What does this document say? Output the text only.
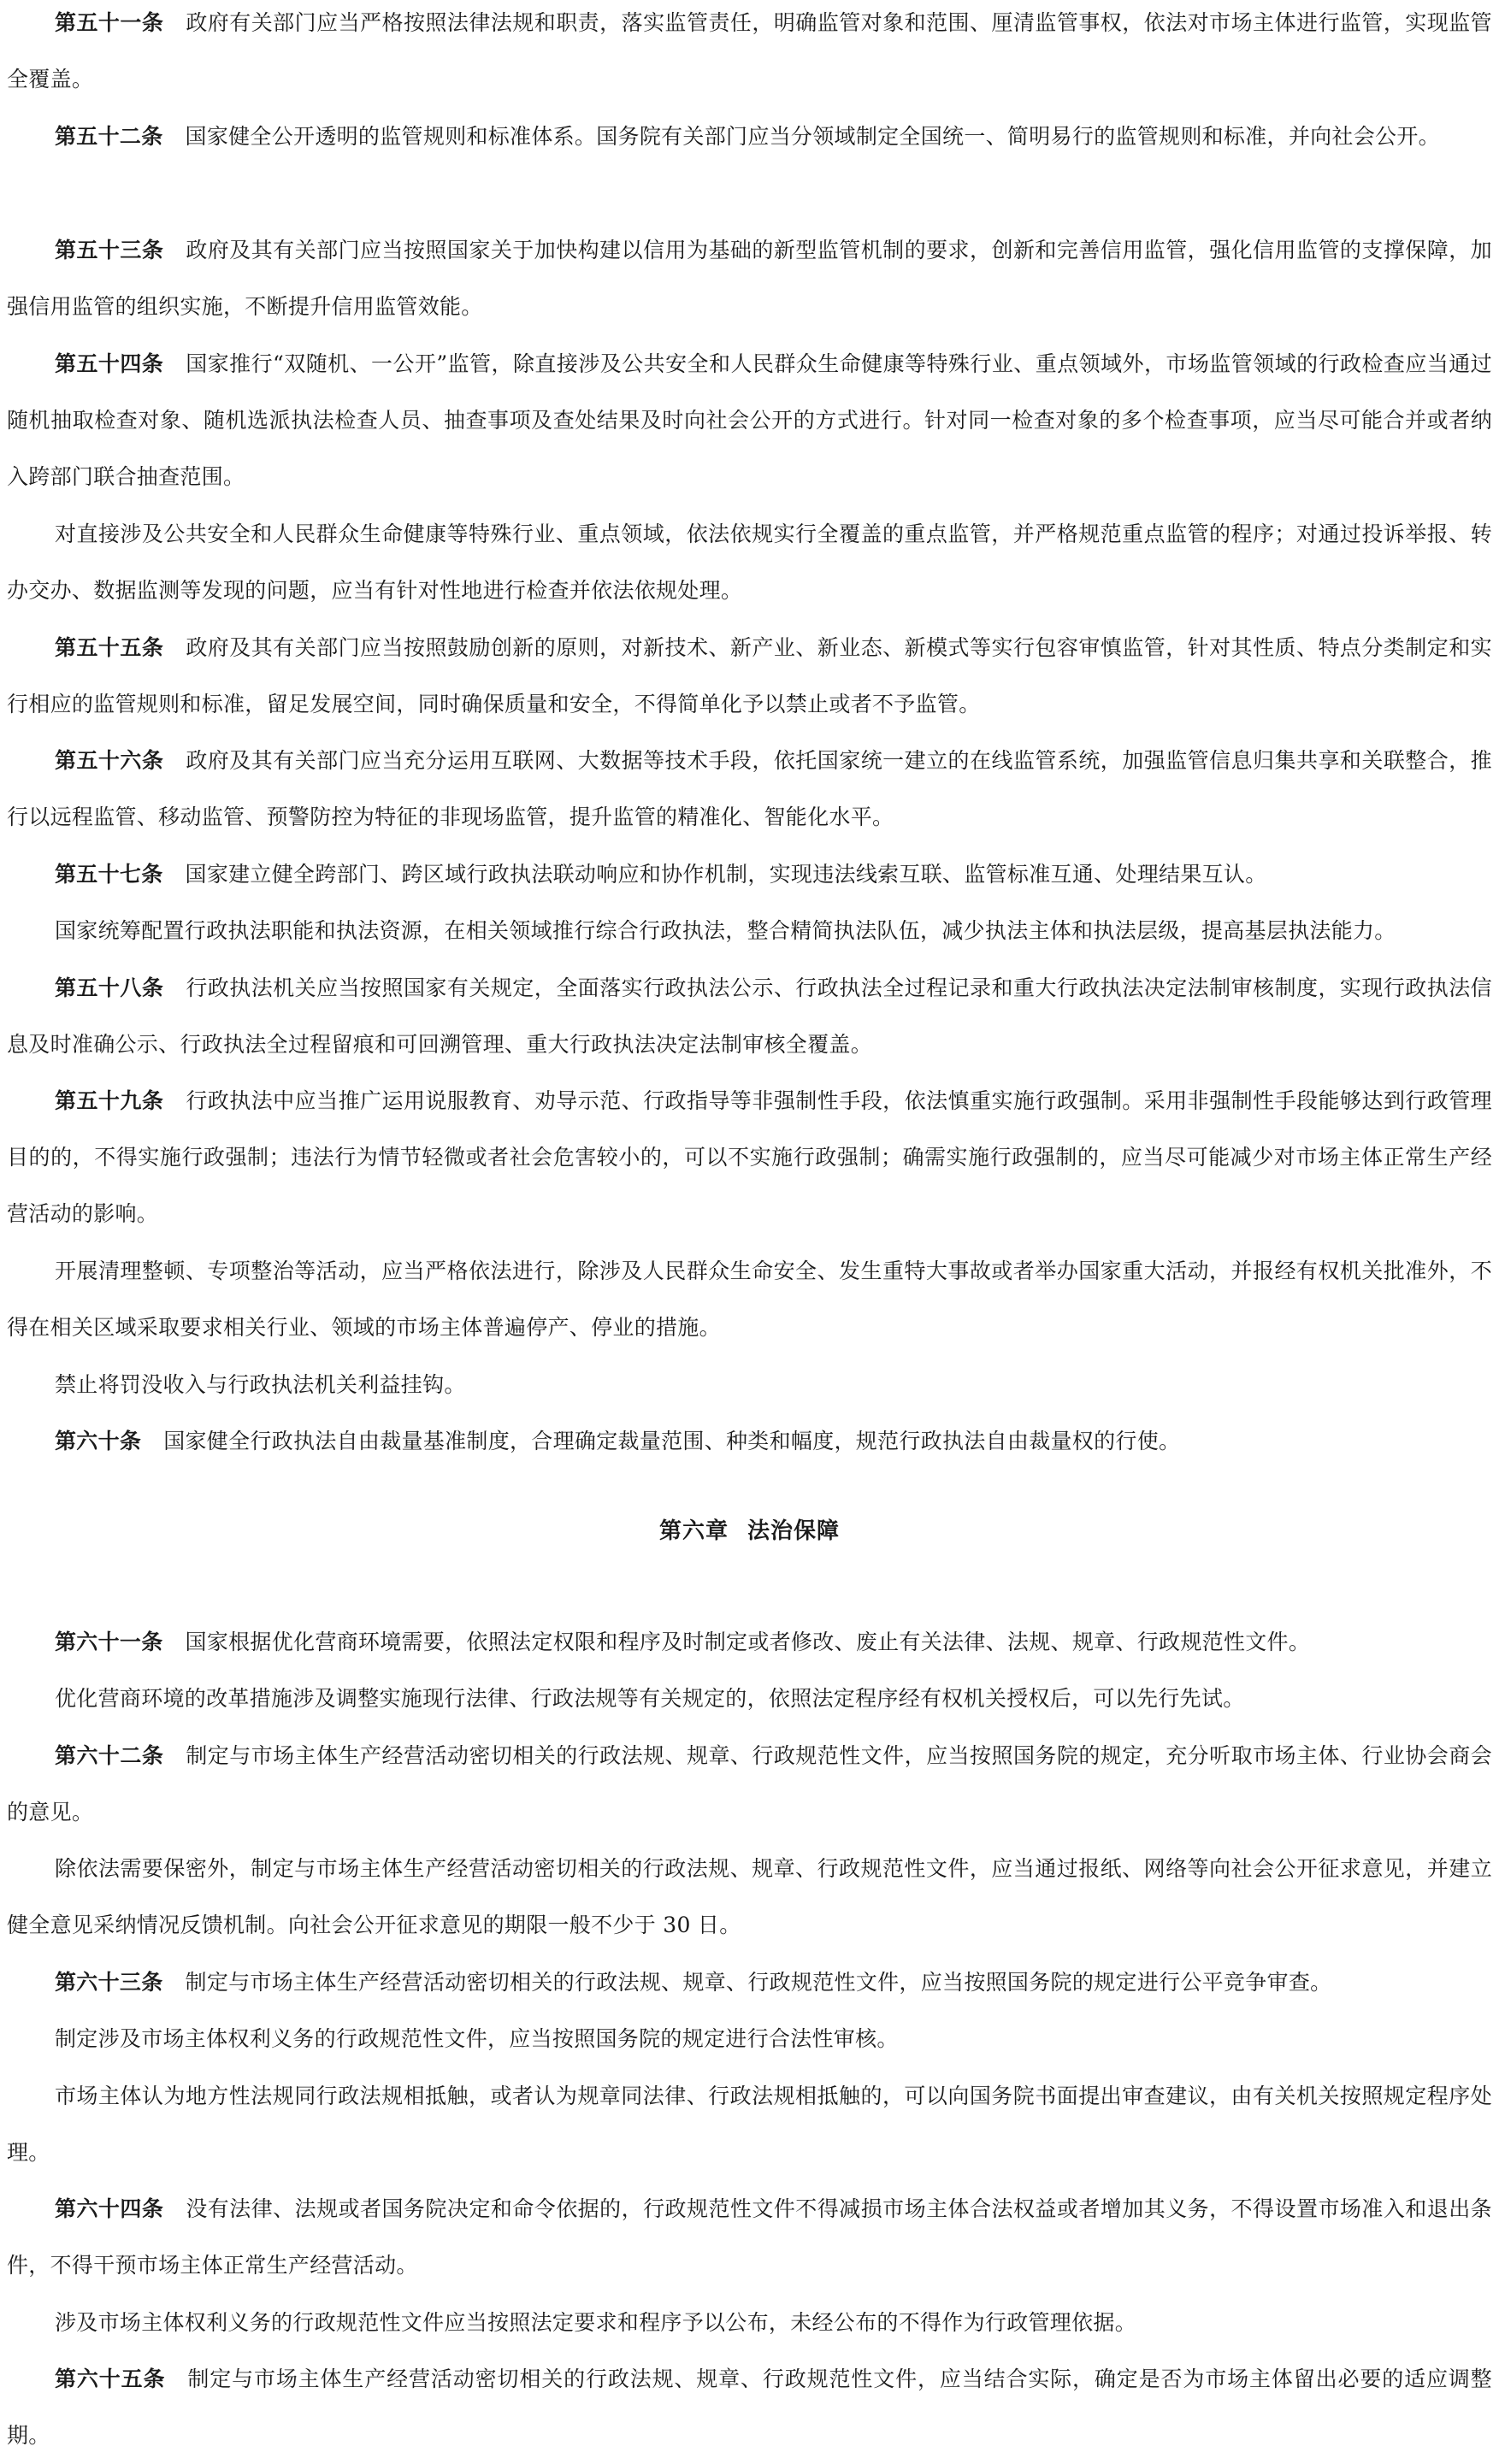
第五十一条 政府有关部门应当严格按照法律法规和职责，落实监管责任，明确监管对象和范围、厘清监管事权，依法对市场主体进行监管，实现监管全覆盖。

第五十二条 国家健全公开透明的监管规则和标准体系。国务院有关部门应当分领域制定全国统一、简明易行的监管规则和标准，并向社会公开。

第五十三条 政府及其有关部门应当按照国家关于加快构建以信用为基础的新型监管机制的要求，创新和完善信用监管，强化信用监管的支撑保障，加强信用监管的组织实施，不断提升信用监管效能。

第五十四条 国家推行“双随机、一公开”监管，除直接涉及公共安全和人民群众生命健康等特殊行业、重点领域外，市场监管领域的行政检查应当通过随机抽取检查对象、随机选派执法检查人员、抽查事项及查处结果及时向社会公开的方式进行。针对同一检查对象的多个检查事项，应当尽可能合并或者纳入跨部门联合抽查范围。

对直接涉及公共安全和人民群众生命健康等特殊行业、重点领域，依法依规实行全覆盖的重点监管，并严格规范重点监管的程序；对通过投诉举报、转办交办、数据监测等发现的问题，应当有针对性地进行检查并依法依规处理。

第五十五条 政府及其有关部门应当按照鼓励创新的原则，对新技术、新产业、新业态、新模式等实行包容审慎监管，针对其性质、特点分类制定和实行相应的监管规则和标准，留足发展空间，同时确保质量和安全，不得简单化予以禁止或者不予监管。

第五十六条 政府及其有关部门应当充分运用互联网、大数据等技术手段，依托国家统一建立的在线监管系统，加强监管信息归集共享和关联整合，推行以远程监管、移动监管、预警防控为特征的非现场监管，提升监管的精准化、智能化水平。

第五十七条 国家建立健全跨部门、跨区域行政执法联动响应和协作机制，实现违法线索互联、监管标准互通、处理结果互认。

国家统筹配置行政执法职能和执法资源，在相关领域推行综合行政执法，整合精简执法队伍，减少执法主体和执法层级，提高基层执法能力。

第五十八条 行政执法机关应当按照国家有关规定，全面落实行政执法公示、行政执法全过程记录和重大行政执法决定法制审核制度，实现行政执法信息及时准确公示、行政执法全过程留痕和可回溯管理、重大行政执法决定法制审核全覆盖。

第五十九条 行政执法中应当推广运用说服教育、劝导示范、行政指导等非强制性手段，依法慎重实施行政强制。采用非强制性手段能够达到行政管理目的的，不得实施行政强制；违法行为情节轻微或者社会危害较小的，可以不实施行政强制；确需实施行政强制的，应当尽可能减少对市场主体正常生产经营活动的影响。

开展清理整顿、专项整治等活动，应当严格依法进行，除涉及人民群众生命安全、发生重特大事故或者举办国家重大活动，并报经有权机关批准外，不得在相关区域采取要求相关行业、领域的市场主体普遍停产、停业的措施。

禁止将罚没收入与行政执法机关利益挂钩。

第六十条 国家健全行政执法自由裁量基准制度，合理确定裁量范围、种类和幅度，规范行政执法自由裁量权的行使。

第六章 法治保障

第六十一条 国家根据优化营商环境需要，依照法定权限和程序及时制定或者修改、废止有关法律、法规、规章、行政规范性文件。

优化营商环境的改革措施涉及调整实施现行法律、行政法规等有关规定的，依照法定程序经有权机关授权后，可以先行先试。

第六十二条 制定与市场主体生产经营活动密切相关的行政法规、规章、行政规范性文件，应当按照国务院的规定，充分听取市场主体、行业协会商会的意见。

除依法需要保密外，制定与市场主体生产经营活动密切相关的行政法规、规章、行政规范性文件，应当通过报纸、网络等向社会公开征求意见，并建立健全意见采纳情况反馈机制。向社会公开征求意见的期限一般不少于 30 日。

第六十三条 制定与市场主体生产经营活动密切相关的行政法规、规章、行政规范性文件，应当按照国务院的规定进行公平竞争审查。

制定涉及市场主体权利义务的行政规范性文件，应当按照国务院的规定进行合法性审核。

市场主体认为地方性法规同行政法规相抵触，或者认为规章同法律、行政法规相抵触的，可以向国务院书面提出审查建议，由有关机关按照规定程序处理。

第六十四条 没有法律、法规或者国务院决定和命令依据的，行政规范性文件不得减损市场主体合法权益或者增加其义务，不得设置市场准入和退出条件，不得干预市场主体正常生产经营活动。

涉及市场主体权利义务的行政规范性文件应当按照法定要求和程序予以公布，未经公布的不得作为行政管理依据。

第六十五条 制定与市场主体生产经营活动密切相关的行政法规、规章、行政规范性文件，应当结合实际，确定是否为市场主体留出必要的适应调整期。
